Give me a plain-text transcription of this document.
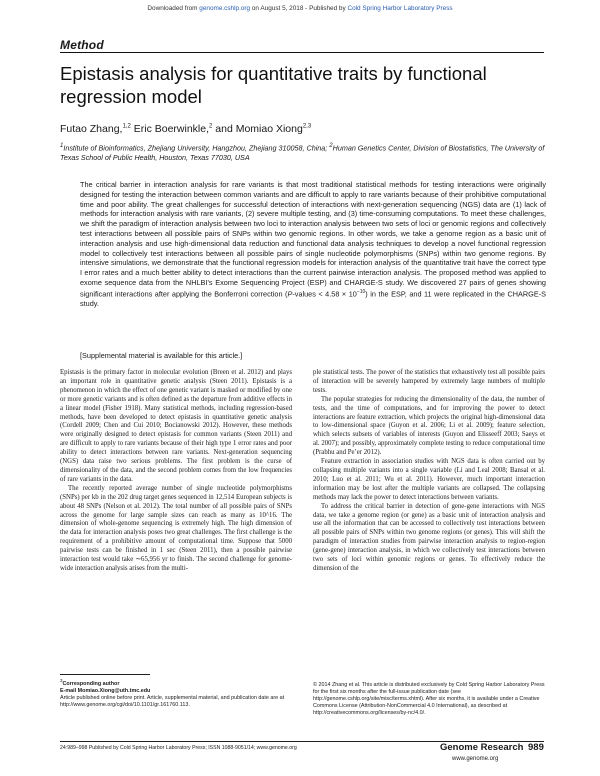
Downloaded from genome.cshlp.org on August 5, 2018 - Published by Cold Spring Harbor Laboratory Press
Method
Epistasis analysis for quantitative traits by functional regression model
Futao Zhang,$^{1,2}$ Eric Boerwinkle,$^2$ and Momiao Xiong$^{2,3}$
$^1$Institute of Bioinformatics, Zhejiang University, Hangzhou, Zhejiang 310058, China; $^2$Human Genetics Center, Division of Biostatistics, The University of Texas School of Public Health, Houston, Texas 77030, USA
The critical barrier in interaction analysis for rare variants is that most traditional statistical methods for testing interactions were originally designed for testing the interaction between common variants and are difficult to apply to rare variants because of their prohibitive computational time and poor ability. The great challenges for successful detection of interactions with next-generation sequencing (NGS) data are (1) lack of methods for interaction analysis with rare variants, (2) severe multiple testing, and (3) time-consuming computations. To meet these challenges, we shift the paradigm of interaction analysis between two loci to interaction analysis between two sets of loci or genomic regions and collectively test interactions between all possible pairs of SNPs within two genomic regions. In other words, we take a genome region as a basic unit of interaction analysis and use high-dimensional data reduction and functional data analysis techniques to develop a novel functional regression model to collectively test interactions between all possible pairs of single nucleotide polymorphisms (SNPs) within two genome regions. By intensive simulations, we demonstrate that the functional regression models for interaction analysis of the quantitative trait have the correct type I error rates and a much better ability to detect interactions than the current pairwise interaction analysis. The proposed method was applied to exome sequence data from the NHLBI’s Exome Sequencing Project (ESP) and CHARGE-S study. We discovered 27 pairs of genes showing significant interactions after applying the Bonferroni correction (P-values < $4.58 \times 10^{-10}$) in the ESP, and 11 were replicated in the CHARGE-S study.
[Supplemental material is available for this article.]

Epistasis is the primary factor in molecular evolution (Breen et al. 2012) and plays an important role in quantitative genetic analysis (Steen 2011). Epistasis is a phenomenon in which the effect of one genetic variant is masked or modified by one or more genetic variants and is often defined as the departure from additive effects in a linear model (Fisher 1918). Many statistical methods, including regression-based methods, have been developed to detect epistasis in quantitative genetic analysis (Cordell 2009; Chen and Cui 2010; Bocianowski 2012). However, these methods were originally designed to detect epistasis for common variants (Steen 2011) and are difficult to apply to rare variants because of their high type 1 error rates and poor ability to detect interactions between rare variants. Next-generation sequencing (NGS) data raise two serious problems. The first problem is the curse of dimensionality of the data, and the second problem comes from the low frequencies of rare variants in the data.

The recently reported average number of single nucleotide polymorphisms (SNPs) per kb in the 202 drug target genes sequenced in 12,514 European subjects is about 48 SNPs (Nelson et al. 2012). The total number of all possible pairs of SNPs across the genome for large sample sizes can reach as many as 10^16. The dimension of whole-genome sequencing is extremely high. The high dimension of the data for interaction analysis poses two great challenges. The first challenge is the requirement of a prohibitive amount of computational time. Suppose that 5000 pairwise tests can be finished in 1 sec (Steen 2011), then a possible pairwise interaction test would take ∼65,956 yr to finish. The second challenge for genome-wide interaction analysis arises from the multi-

ple statistical tests. The power of the statistics that exhaustively test all possible pairs of interaction will be severely hampered by extremely large numbers of multiple tests.

The popular strategies for reducing the dimensionality of the data, the number of tests, and the time of computations, and for improving the power to detect interactions are feature extraction, which projects the original high-dimensional data to low-dimensional space (Guyon et al. 2006; Li et al. 2009); feature selection, which selects subsets of variables of interests (Guyon and Elisseeff 2003; Saeys et al. 2007); and possibly, approximately complete testing to reduce computational time (Prabhu and Pe’er 2012).

Feature extraction in association studies with NGS data is often carried out by collapsing multiple variants into a single variable (Li and Leal 2008; Bansal et al. 2010; Luo et al. 2011; Wu et al. 2011). However, much important interaction information may be lost after the multiple variants are collapsed. The collapsing methods may lack the power to detect interactions between variants.

To address the critical barrier in detection of gene-gene interactions with NGS data, we take a genome region (or gene) as a basic unit of interaction analysis and use all the information that can be accessed to collectively test interactions between all possible pairs of SNPs within two genome regions (or genes). This will shift the paradigm of interaction studies from pairwise interaction analysis to region-region (gene-gene) interaction analysis, in which we collectively test interactions between two sets of loci within genomic regions or genes. To effectively reduce the dimension of the

$^3$Corresponding author
E-mail Momiao.Xiong@uth.tmc.edu
Article published online before print. Article, supplemental material, and publication date are at http://www.genome.org/cgi/doi/10.1101/gr.161760.113.
© 2014 Zhang et al. This article is distributed exclusively by Cold Spring Harbor Laboratory Press for the first six months after the full-issue publication date (see http://genome.cshlp.org/site/misc/terms.xhtml). After six months, it is available under a Creative Commons License (Attribution-NonCommercial 4.0 International), as described at http://creativecommons.org/licenses/by-nc/4.0/.
24:989–998 Published by Cold Spring Harbor Laboratory Press; ISSN 1088-9051/14; www.genome.org	Genome Research 989
www.genome.org
